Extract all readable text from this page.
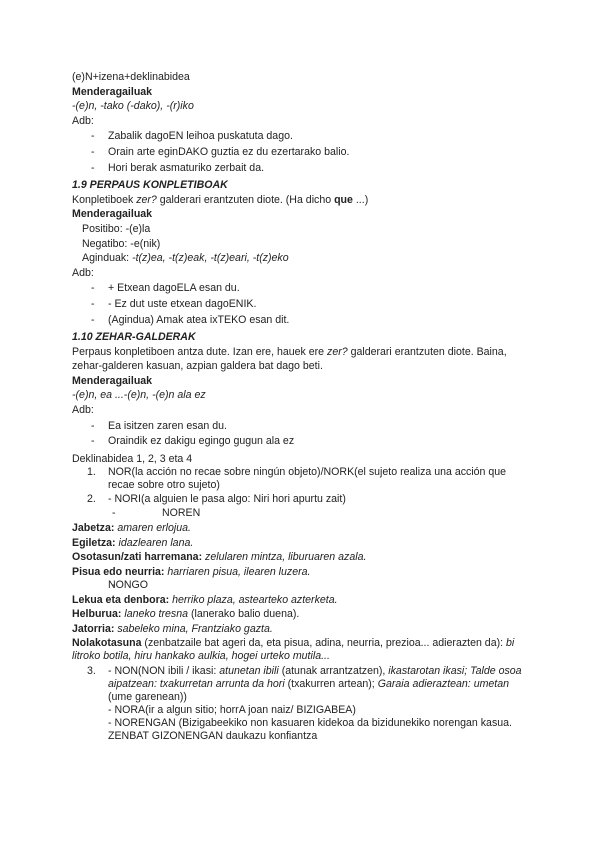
(e)N+izena+deklinabidea
Menderagailuak
-(e)n, -tako (-dako), -(r)iko
Adb:
- Zabalik dagoEN leihoa puskatuta dago.
- Orain arte eginDAKO guztia ez du ezertarako balio.
- Hori berak asmaturiko zerbait da.
1.9 PERPAUS KONPLETIBOAK
Konpletiboek zer? galderari erantzuten diote. (Ha dicho que ...)
Menderagailuak
Positibo: -(e)la
Negatibo: -e(nik)
Aginduak: -t(z)ea, -t(z)eak, -t(z)eari, -t(z)eko
Adb:
- + Etxean dagoELA esan du.
- - Ez dut uste etxean dagoENIK.
- (Agindua) Amak atea ixTEKO esan dit.
1.10 ZEHAR-GALDERAK
Perpaus konpletiboen antza dute. Izan ere, hauek ere zer? galderari erantzuten diote. Baina,
zehar-galderen kasuan, azpian galdera bat dago beti.
Menderagailuak
-(e)n, ea ...-(e)n, -(e)n ala ez
Adb:
- Ea isitzen zaren esan du.
- Oraindik ez dakigu egingo gugun ala ez
Deklinabidea 1, 2, 3 eta 4
1. NOR(la acción no recae sobre ningún objeto)/NORK(el sujeto realiza una acción que recae sobre otro sujeto)
2. - NORI(a alguien le pasa algo: Niri hori apurtu zait)
- NOREN
Jabetza: amaren erlojua.
Egiletza: idazlearen lana.
Osotasun/zati harremana: zelularen mintza, liburuaren azala.
Pisua edo neurria: harriaren pisua, ilearen luzera.
- NONGO
Lekua eta denbora: herriko plaza, astearteko azterketa.
Helburua: laneko tresna (lanerako balio duena).
Jatorria: sabeleko mina, Frantziako gazta.
Nolakotasuna (zenbatzaile bat ageri da, eta pisua, adina, neurria, prezioa... adierazten da): bi litroko botila, hiru hankako aulkia, hogei urteko mutila...
3. - NON(NON ibili / ikasi: atunetan ibili (atunak arrantzatzen), ikastarotan ikasi; Talde osoa aipatzean: txakurretan arrunta da hori (txakurren artean); Garaia adieraztean: umetan (ume garenean))
- NORA(ir a algun sitio; horrA joan naiz/ BIZIGABEA)
- NORENGAN (Bizigabeekiko non kasuaren kidekoa da bizidunekiko norengan kasua. ZENBAT GIZONENGAN daukazu konfiantza
